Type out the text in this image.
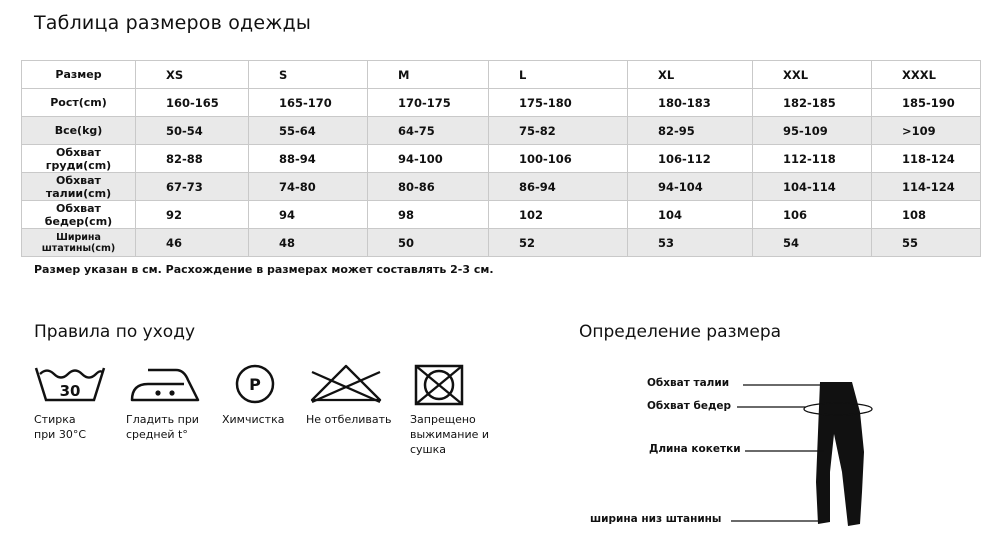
Таблица размеров одежды
Размер	XS	S	M	L	XL	XXL	XXXL
Рост(cm)	160-165	165-170	170-175	175-180	180-183	182-185	185-190
Все(kg)	50-54	55-64	64-75	75-82	82-95	95-109	>109
Обхват груди(cm)	82-88	88-94	94-100	100-106	106-112	112-118	118-124
Обхват талии(cm)	67-73	74-80	80-86	86-94	94-104	104-114	114-124
Обхват бедер(cm)	92	94	98	102	104	106	108
Ширина штатины(cm)	46	48	50	52	53	54	55
Размер указан в см. Расхождение в размерах может составлять 2-3 см.
Правила по уходу	Определение размера
30
Стирка при 30°C
Гладить при средней t°
P
Химчистка	Не отбеливать	Запрещено выжимание и сушка
Обхват талии
Обхват бедер
Длина кокетки
ширина низ штанины
